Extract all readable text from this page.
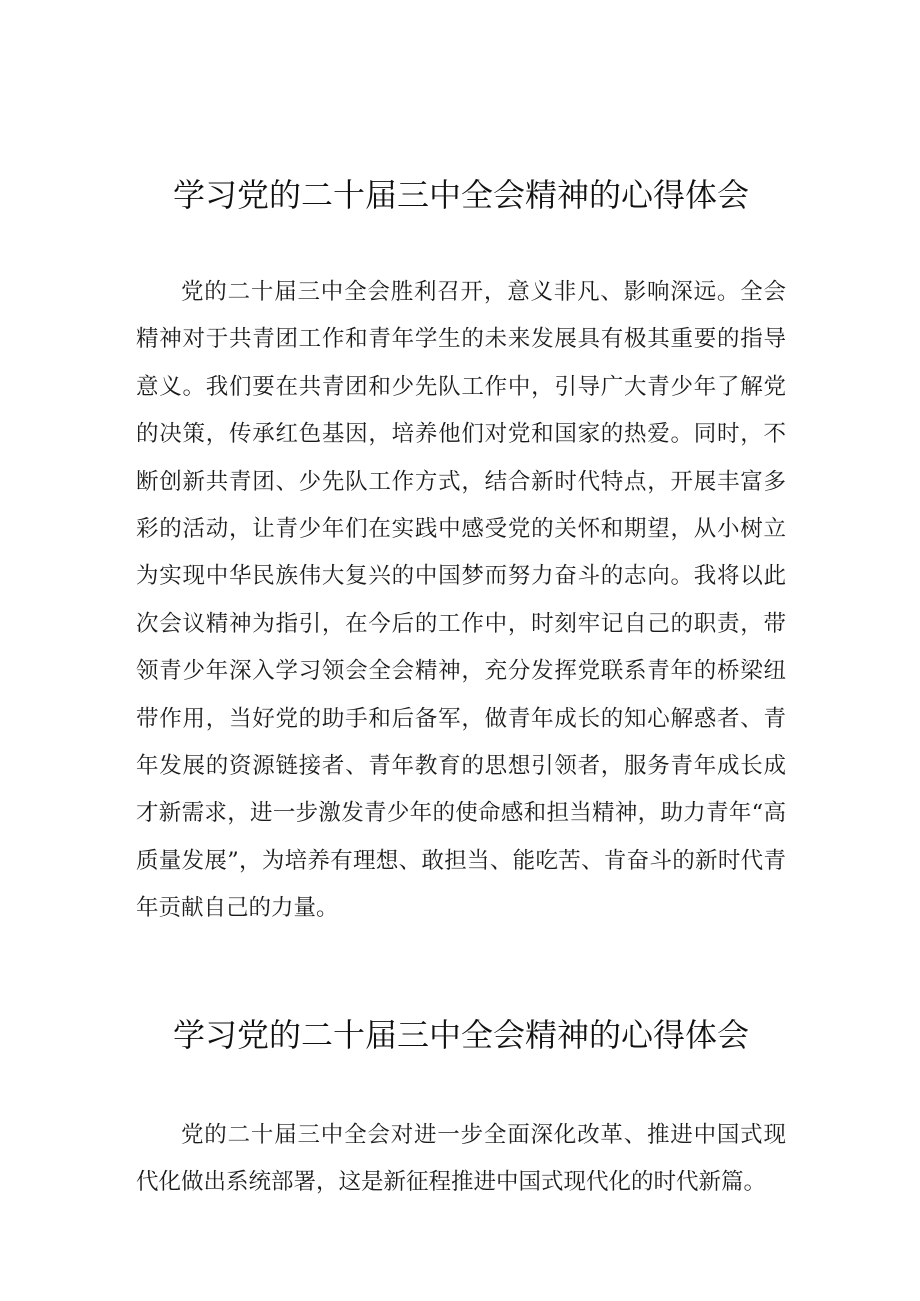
学习党的二十届三中全会精神的心得体会

党的二十届三中全会胜利召开，意义非凡、影响深远。全会精神对于共青团工作和青年学生的未来发展具有极其重要的指导意义。我们要在共青团和少先队工作中，引导广大青少年了解党的决策，传承红色基因，培养他们对党和国家的热爱。同时，不断创新共青团、少先队工作方式，结合新时代特点，开展丰富多彩的活动，让青少年们在实践中感受党的关怀和期望，从小树立为实现中华民族伟大复兴的中国梦而努力奋斗的志向。我将以此次会议精神为指引，在今后的工作中，时刻牢记自己的职责，带领青少年深入学习领会全会精神，充分发挥党联系青年的桥梁纽带作用，当好党的助手和后备军，做青年成长的知心解惑者、青年发展的资源链接者、青年教育的思想引领者，服务青年成长成才新需求，进一步激发青少年的使命感和担当精神，助力青年“高质量发展”，为培养有理想、敢担当、能吃苦、肯奋斗的新时代青年贡献自己的力量。

学习党的二十届三中全会精神的心得体会

党的二十届三中全会对进一步全面深化改革、推进中国式现代化做出系统部署，这是新征程推进中国式现代化的时代新篇。
